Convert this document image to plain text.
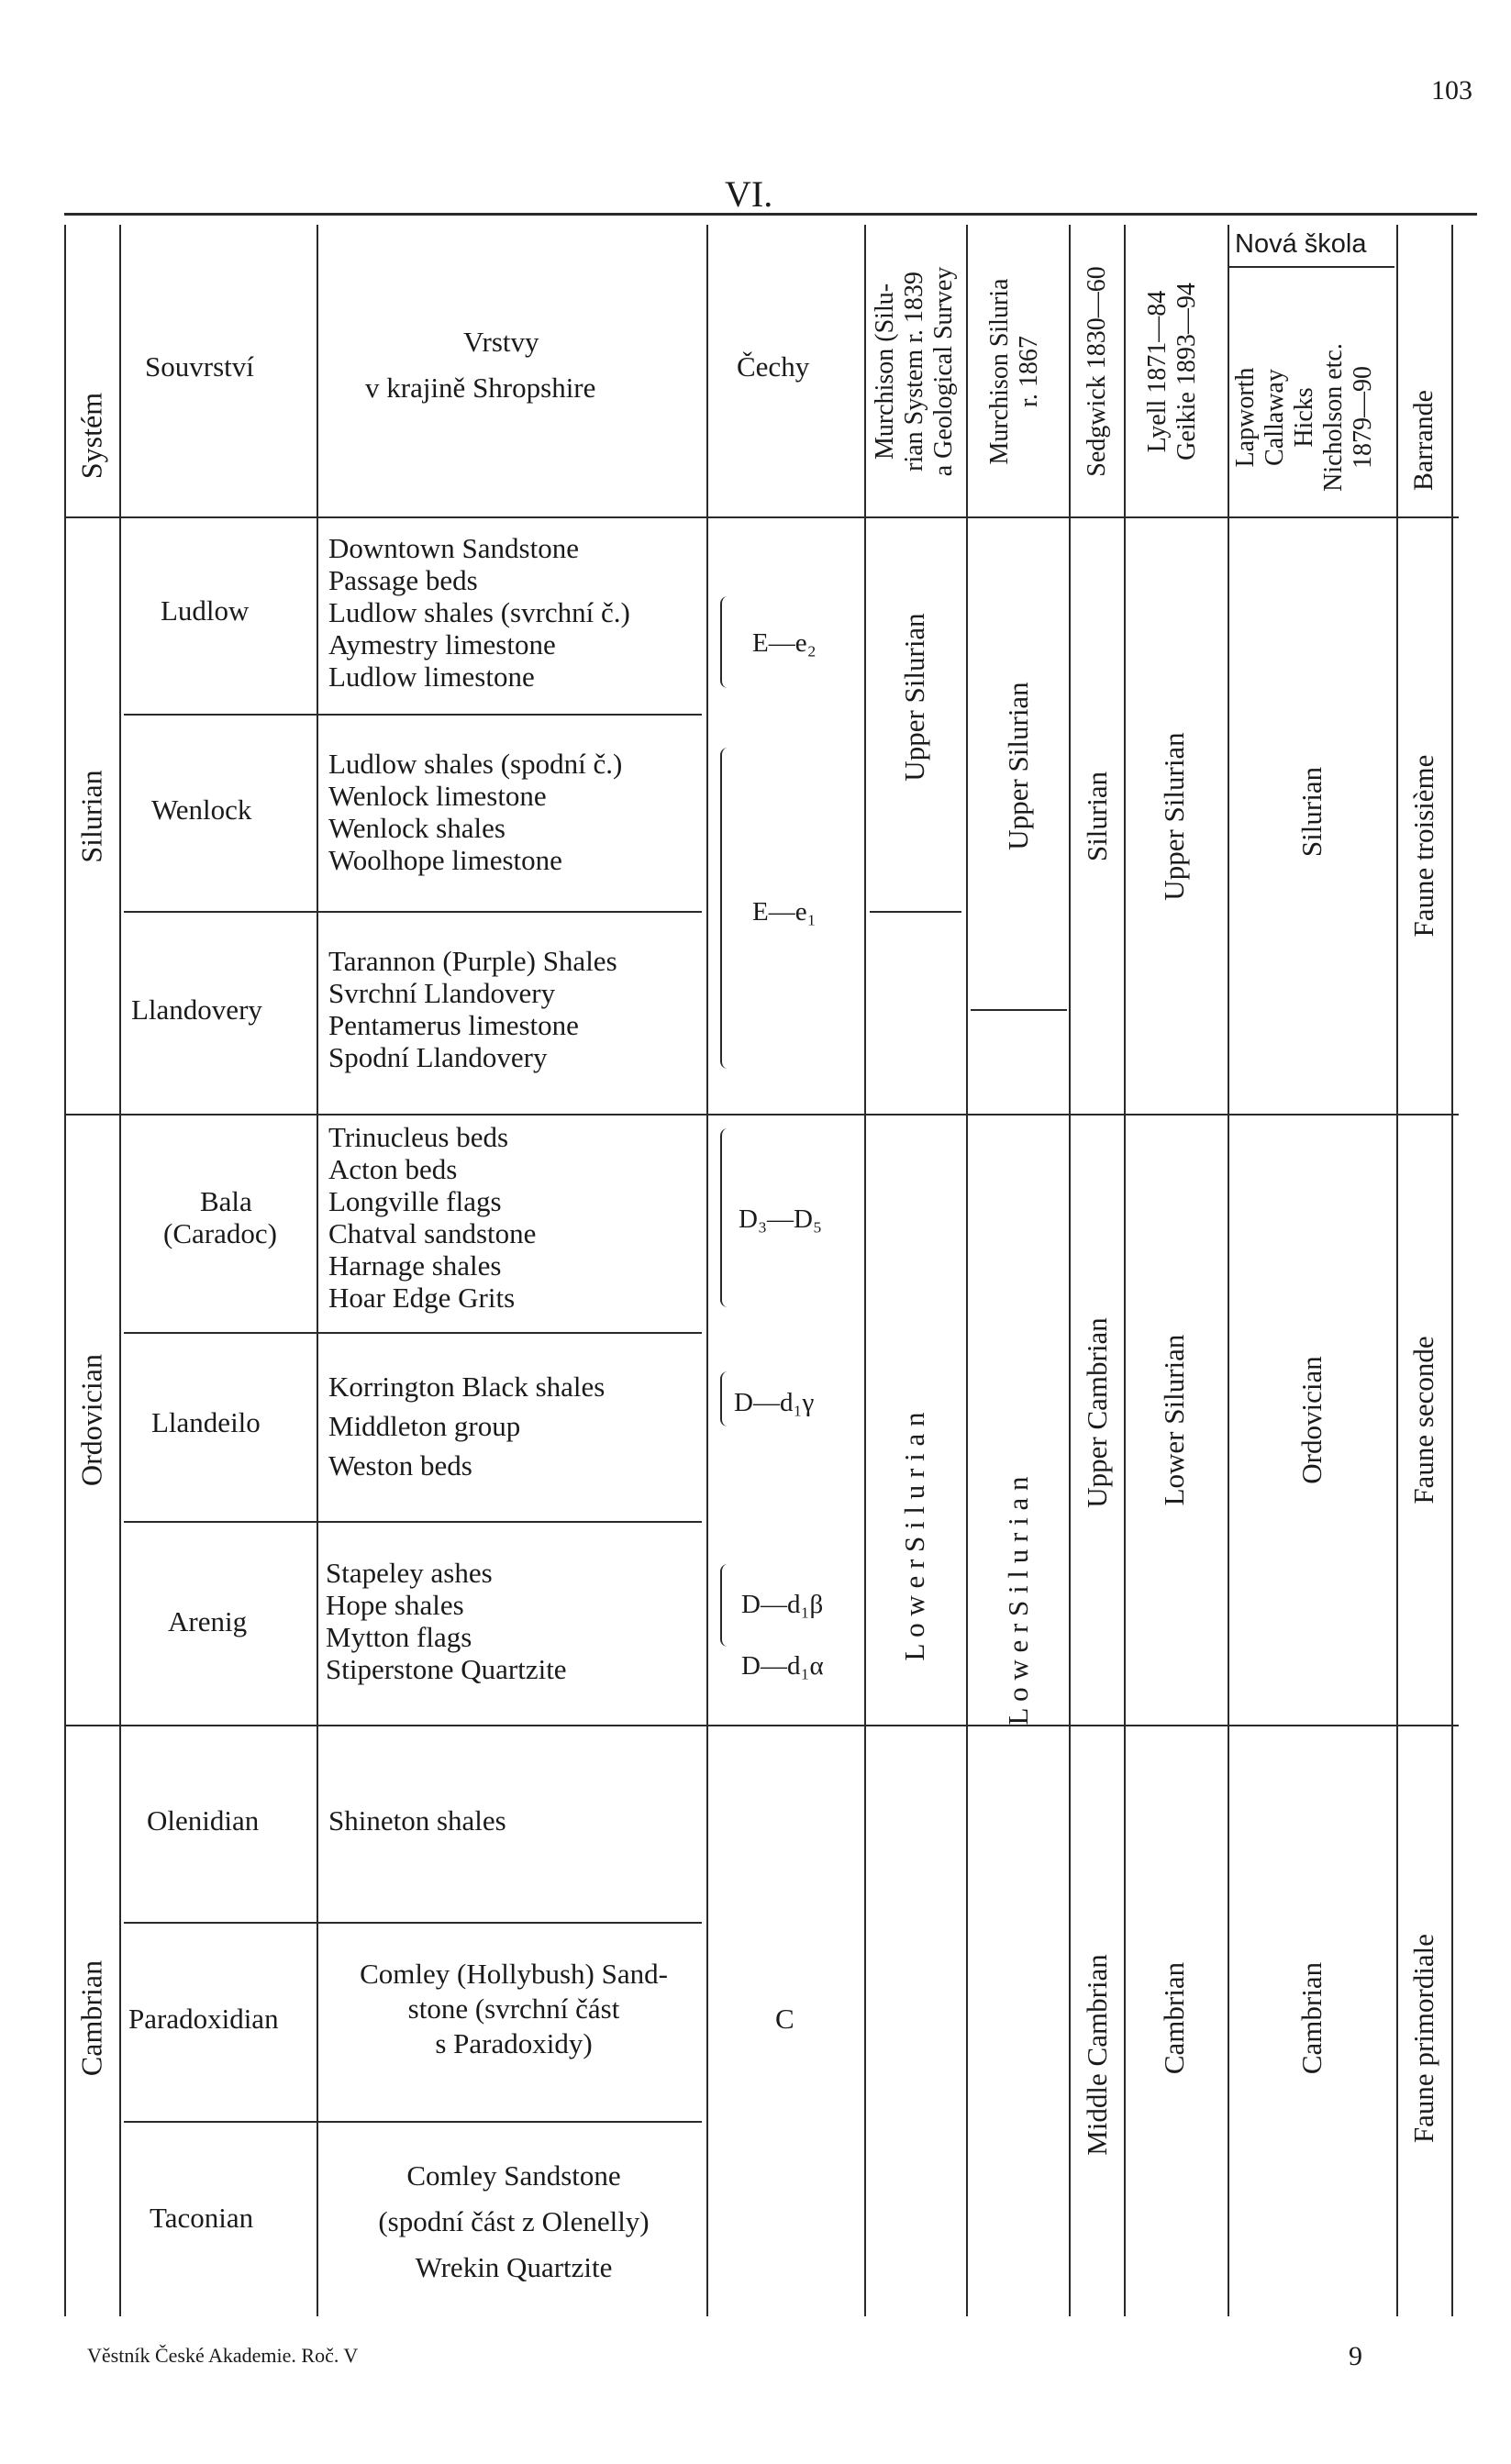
103
VI.
Systém
Souvrství
Vrstvy
v krajině Shropshire
Čechy Murchison (Silu- rian System r. 1839 a Geological Survey Murchison Siluria r. 1867 Sedgwick 1830—60 Lyell 1871—84 Geikie 1893—94
Nová škola
Lapworth Callaway Hicks Nicholson etc. 1879—90 Barrande
Silurian
Ordovician
Cambrian
Ludlow
Wenlock
Llandovery
Bala
(Caradoc)
Llandeilo
Arenig
Olenidian
Paradoxidian
Taconian
Downtown Sandstone
Passage beds
Ludlow shales (svrchní č.)
Aymestry limestone
Ludlow limestone
Ludlow shales (spodní č.)
Wenlock limestone
Wenlock shales
Woolhope limestone
Tarannon (Purple) Shales
Svrchní Llandovery
Pentamerus limestone
Spodní Llandovery
Trinucleus beds
Acton beds
Longville flags
Chatval sandstone
Harnage shales
Hoar Edge Grits
Korrington Black shales
Middleton group
Weston beds
Stapeley ashes
Hope shales
Mytton flags
Stiperstone Quartzite
Shineton shales
Comley (Hollybush) Sand-
stone (svrchní část
s Paradoxidy)
Comley Sandstone
(spodní část z Olenelly)
Wrekin Quartzite
E—e₂
E—e₁
D₃—D₅
D—d₁γ
D—d₁β
D—d₁α
C
Upper Silurian
L o w e r S i l u r i a n
Upper Silurian
L o w e r S i l u r i a n
Silurian
Upper Cambrian
Middle Cambrian
Upper Silurian
Lower Silurian
Cambrian
Silurian
Ordovician
Cambrian
Faune troisième
Faune seconde
Faune primordiale
Věstník České Akademie. Roč. V	9
